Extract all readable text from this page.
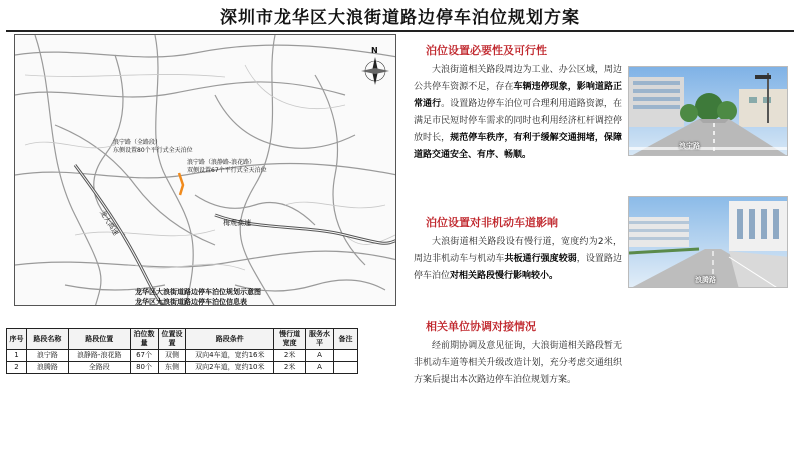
深圳市龙华区大浪街道路边停车泊位规划方案
浪宁路（全路段）
东侧设置80个平行式全天泊位
浪宁路（浪静路-浪花路）
双侧设置67个平行式全天泊位
梅观高速
龙大高速
N
龙华区大浪街道路边停车泊位规划示意图
龙华区大浪街道路边停车泊位信息表
序号	路段名称	路段位置	泊位数量	位置设置	路段条件	慢行道宽度	服务水平	备注
1	浪宁路	浪静路-浪花路	67个	双侧	双向4车道，宽约16米	2米	A	
2	浪腾路	全路段	80个	东侧	双向2车道，宽约10米	2米	A	
泊位设置必要性及可行性
大浪街道相关路段周边为工业、办公区域，周边公共停车资源不足，存在车辆违停现象，影响道路正常通行。设置路边停车泊位可合理利用道路资源，在满足市民短时停车需求的同时也利用经济杠杆调控停放时长，规范停车秩序，有利于缓解交通拥堵，保障道路交通安全、有序、畅顺。
泊位设置对非机动车道影响
大浪街道相关路段设有慢行道，宽度约为2米，周边非机动车与机动车共板通行强度较弱，设置路边停车泊位对相关路段慢行影响较小。
相关单位协调对接情况
经前期协调及意见征询，大浪街道相关路段暂无非机动车道等相关升级改造计划，充分考虑交通组织方案后提出本次路边停车泊位规划方案。
浪宁路
浪腾路
